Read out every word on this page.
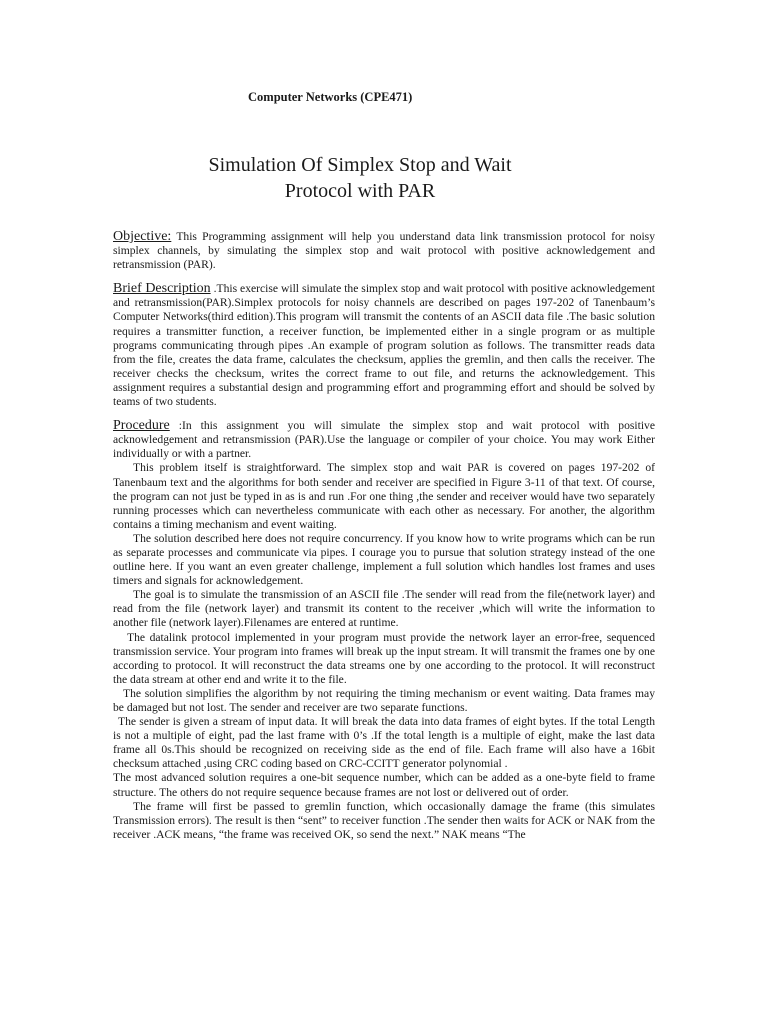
Computer Networks (CPE471)
Simulation Of Simplex Stop and Wait
Protocol with PAR

Objective: This Programming assignment will help you understand data link transmission protocol for noisy simplex channels, by simulating the simplex stop and wait protocol with positive acknowledgement and retransmission (PAR).

Brief Description .This exercise will simulate the simplex stop and wait protocol with positive acknowledgement and retransmission(PAR).Simplex protocols for noisy channels are described on pages 197-202 of Tanenbaum’s Computer Networks(third edition).This program will transmit the contents of an ASCII data file .The basic solution requires a transmitter function, a receiver function, be implemented either in a single program or as multiple programs communicating through pipes .An example of program solution as follows. The transmitter reads data from the file, creates the data frame, calculates the checksum, applies the gremlin, and then calls the receiver. The receiver checks the checksum, writes the correct frame to out file, and returns the acknowledgement. This assignment requires a substantial design and programming effort and programming effort and should be solved by teams of two students.

Procedure :In this assignment you will simulate the simplex stop and wait protocol with positive acknowledgement and retransmission (PAR).Use the language or compiler of your choice. You may work Either individually or with a partner.

This problem itself is straightforward. The simplex stop and wait PAR is covered on pages 197-202 of Tanenbaum text and the algorithms for both sender and receiver are specified in Figure 3-11 of that text. Of course, the program can not just be typed in as is and run .For one thing ,the sender and receiver would have two separately running processes which can nevertheless communicate with each other as necessary. For another, the algorithm contains a timing mechanism and event waiting.

The solution described here does not require concurrency. If you know how to write programs which can be run as separate processes and communicate via pipes. I courage you to pursue that solution strategy instead of the one outline here. If you want an even greater challenge, implement a full solution which handles lost frames and uses timers and signals for acknowledgement.

The goal is to simulate the transmission of an ASCII file .The sender will read from the file(network layer) and read from the file (network layer) and transmit its content to the receiver ,which will write the information to another file (network layer).Filenames are entered at runtime.

The datalink protocol implemented in your program must provide the network layer an error-free, sequenced transmission service. Your program into frames will break up the input stream. It will transmit the frames one by one according to protocol. It will reconstruct the data streams one by one according to the protocol. It will reconstruct the data stream at other end and write it to the file.

The solution simplifies the algorithm by not requiring the timing mechanism or event waiting. Data frames may be damaged but not lost. The sender and receiver are two separate functions.

The sender is given a stream of input data. It will break the data into data frames of eight bytes. If the total Length is not a multiple of eight, pad the last frame with 0’s .If the total length is a multiple of eight, make the last data frame all 0s.This should be recognized on receiving side as the end of file. Each frame will also have a 16bit checksum attached ,using CRC coding based on CRC-CCITT generator polynomial .

The most advanced solution requires a one-bit sequence number, which can be added as a one-byte field to frame structure. The others do not require sequence because frames are not lost or delivered out of order.

The frame will first be passed to gremlin function, which occasionally damage the frame (this simulates Transmission errors). The result is then “sent” to receiver function .The sender then waits for ACK or NAK from the receiver .ACK means, “the frame was received OK, so send the next.” NAK means “The
